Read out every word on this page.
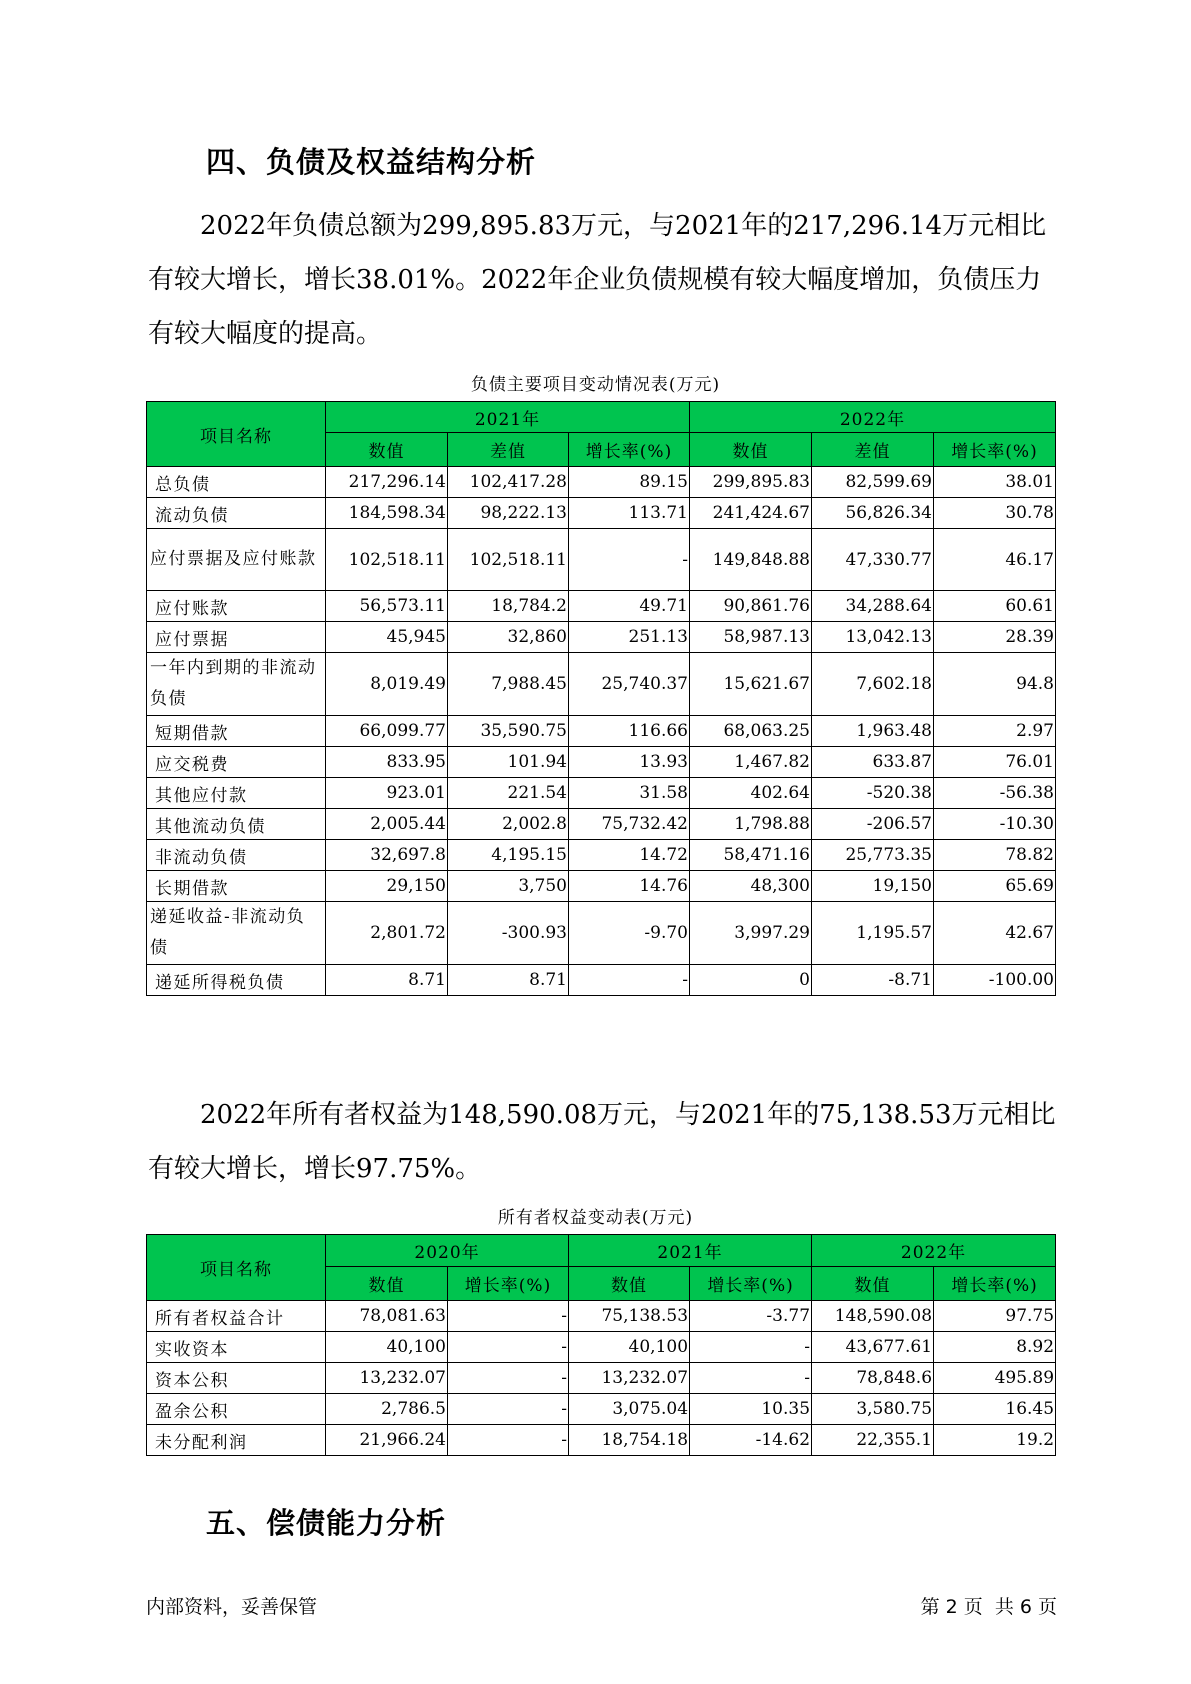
四、负债及权益结构分析

2022年负债总额为299,895.83万元，与2021年的217,296.14万元相比有较大增长，增长38.01%。2022年企业负债规模有较大幅度增加，负债压力有较大幅度的提高。

负债主要项目变动情况表(万元)
项目名称	2021年			2022年		
	数值	差值	增长率(%)	数值	差值	增长率(%)
总负债	217,296.14	102,417.28	89.15	299,895.83	82,599.69	38.01
流动负债	184,598.34	98,222.13	113.71	241,424.67	56,826.34	30.78
应付票据及应付账款	102,518.11	102,518.11	-	149,848.88	47,330.77	46.17
应付账款	56,573.11	18,784.2	49.71	90,861.76	34,288.64	60.61
应付票据	45,945	32,860	251.13	58,987.13	13,042.13	28.39
一年内到期的非流动负债	8,019.49	7,988.45	25,740.37	15,621.67	7,602.18	94.8
短期借款	66,099.77	35,590.75	116.66	68,063.25	1,963.48	2.97
应交税费	833.95	101.94	13.93	1,467.82	633.87	76.01
其他应付款	923.01	221.54	31.58	402.64	-520.38	-56.38
其他流动负债	2,005.44	2,002.8	75,732.42	1,798.88	-206.57	-10.30
非流动负债	32,697.8	4,195.15	14.72	58,471.16	25,773.35	78.82
长期借款	29,150	3,750	14.76	48,300	19,150	65.69
递延收益-非流动负债	2,801.72	-300.93	-9.70	3,997.29	1,195.57	42.67
递延所得税负债	8.71	8.71	-	0	-8.71	-100.00

2022年所有者权益为148,590.08万元，与2021年的75,138.53万元相比有较大增长，增长97.75%。

所有者权益变动表(万元)
项目名称	2020年		2021年		2022年	
	数值	增长率(%)	数值	增长率(%)	数值	增长率(%)
所有者权益合计	78,081.63	-	75,138.53	-3.77	148,590.08	97.75
实收资本	40,100	-	40,100	-	43,677.61	8.92
资本公积	13,232.07	-	13,232.07	-	78,848.6	495.89
盈余公积	2,786.5	-	3,075.04	10.35	3,580.75	16.45
未分配利润	21,966.24	-	18,754.18	-14.62	22,355.1	19.2
五、偿债能力分析
内部资料，妥善保管	第 2 页  共 6 页
